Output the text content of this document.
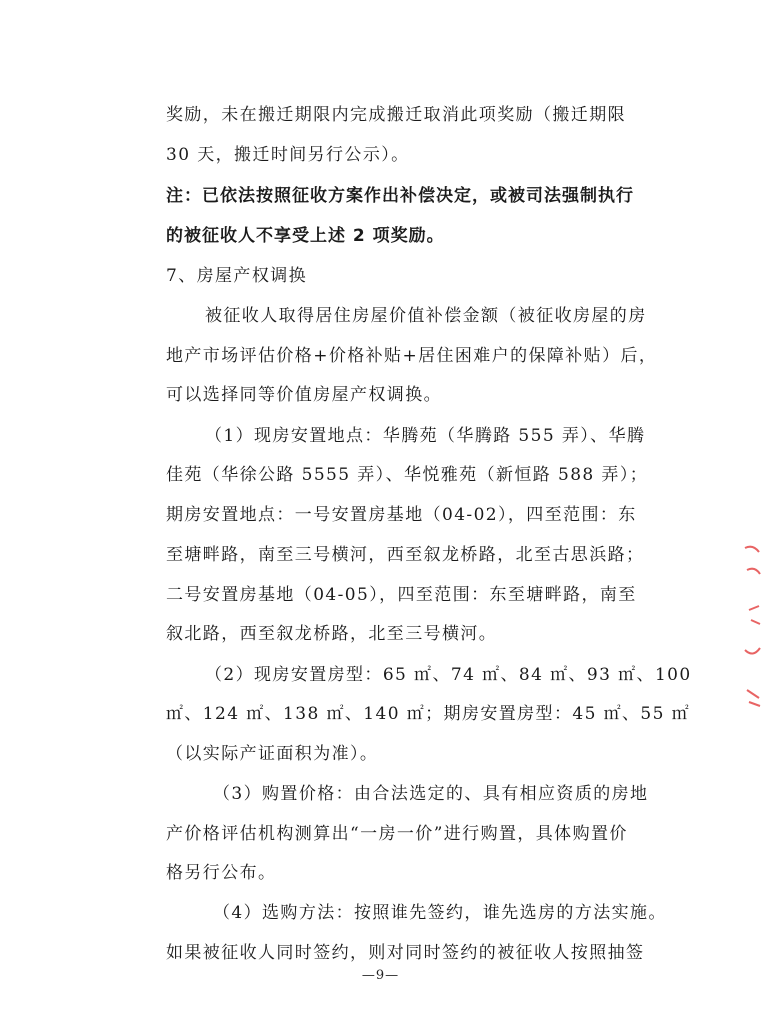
奖励，未在搬迁期限内完成搬迁取消此项奖励（搬迁期限
30 天，搬迁时间另行公示）。
注：已依法按照征收方案作出补偿决定，或被司法强制执行
的被征收人不享受上述 2 项奖励。
7、房屋产权调换
被征收人取得居住房屋价值补偿金额（被征收房屋的房
地产市场评估价格+价格补贴+居住困难户的保障补贴）后，
可以选择同等价值房屋产权调换。
（1）现房安置地点：华腾苑（华腾路 555 弄）、华腾
佳苑（华徐公路 5555 弄）、华悦雅苑（新恒路 588 弄）；
期房安置地点：一号安置房基地（04-02），四至范围：东
至塘畔路，南至三号横河，西至叙龙桥路，北至古思浜路；
二号安置房基地（04-05），四至范围：东至塘畔路，南至
叙北路，西至叙龙桥路，北至三号横河。
（2）现房安置房型：65 ㎡、74 ㎡、84 ㎡、93 ㎡、100
㎡、124 ㎡、138 ㎡、140 ㎡；期房安置房型：45 ㎡、55 ㎡
（以实际产证面积为准）。
（3）购置价格：由合法选定的、具有相应资质的房地
产价格评估机构测算出“一房一价”进行购置，具体购置价
格另行公布。
（4）选购方法：按照谁先签约，谁先选房的方法实施。
如果被征收人同时签约，则对同时签约的被征收人按照抽签
—9—
